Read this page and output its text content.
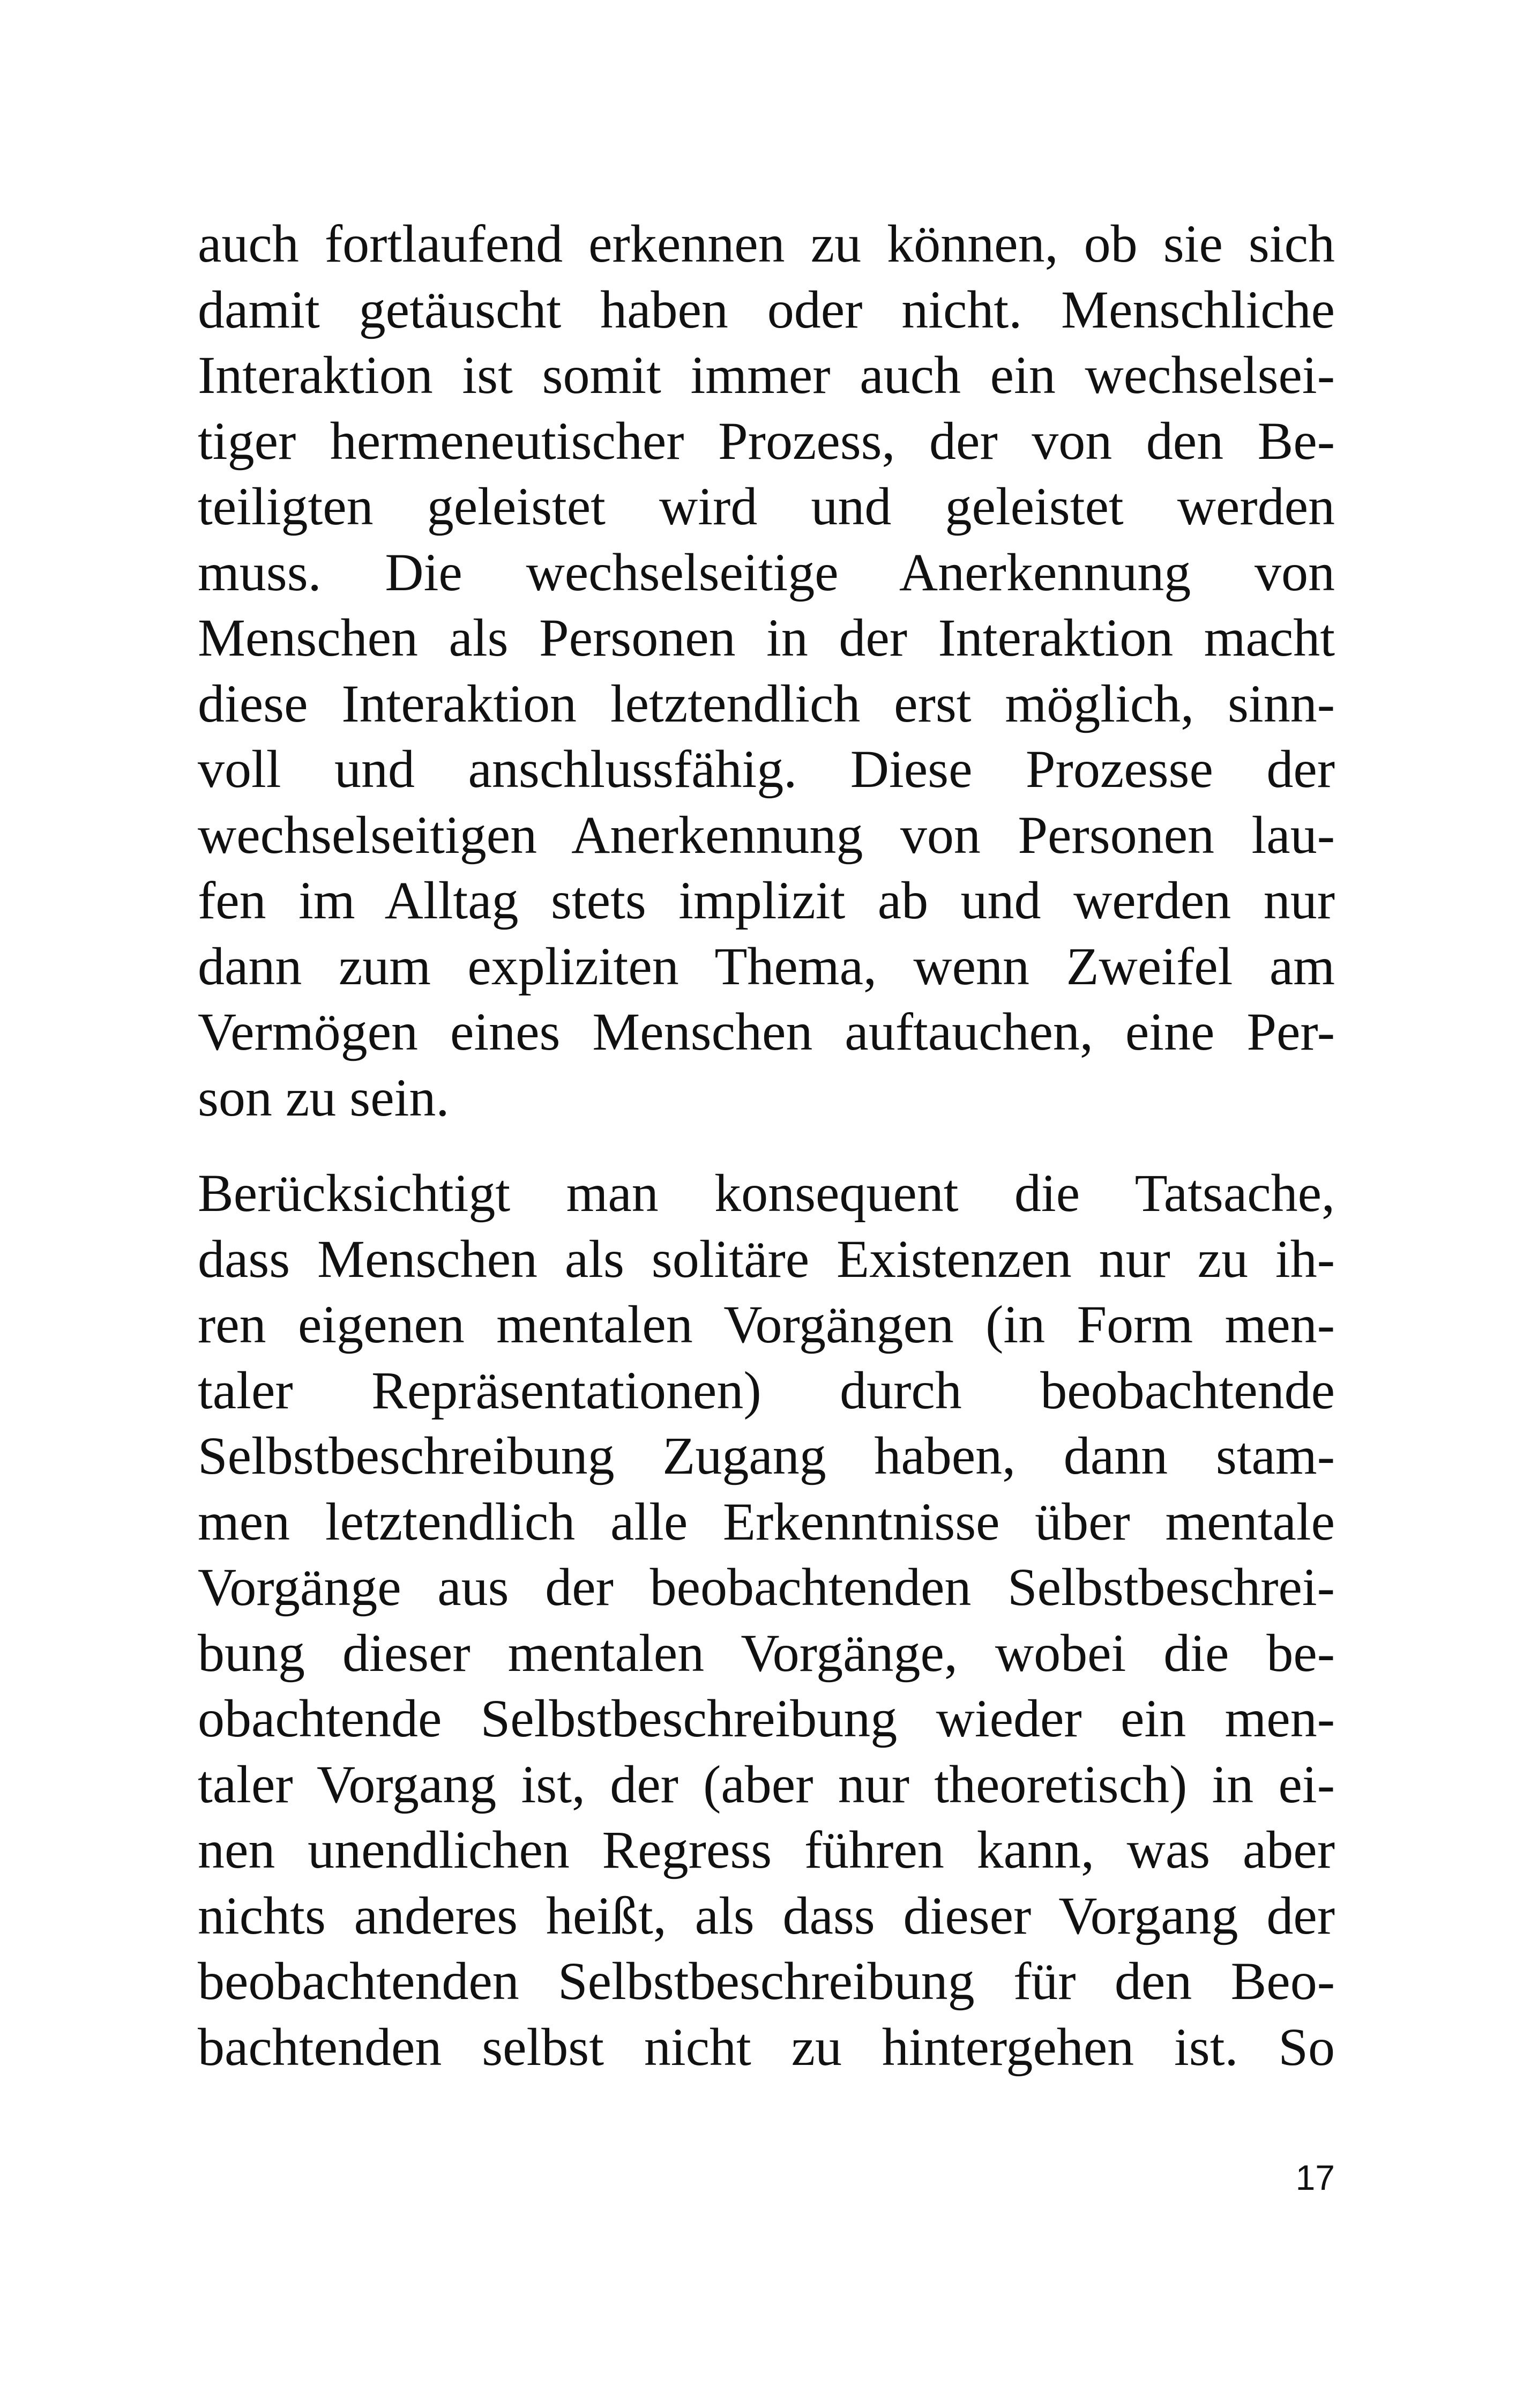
auch fortlaufend erkennen zu können, ob sie sich
damit getäuscht haben oder nicht. Menschliche
Interaktion ist somit immer auch ein wechselsei-
tiger hermeneutischer Prozess, der von den Be-
teiligten geleistet wird und geleistet werden
muss. Die wechselseitige Anerkennung von
Menschen als Personen in der Interaktion macht
diese Interaktion letztendlich erst möglich, sinn-
voll und anschlussfähig. Diese Prozesse der
wechselseitigen Anerkennung von Personen lau-
fen im Alltag stets implizit ab und werden nur
dann zum expliziten Thema, wenn Zweifel am
Vermögen eines Menschen auftauchen, eine Per-
son zu sein.
Berücksichtigt man konsequent die Tatsache,
dass Menschen als solitäre Existenzen nur zu ih-
ren eigenen mentalen Vorgängen (in Form men-
taler Repräsentationen) durch beobachtende
Selbstbeschreibung Zugang haben, dann stam-
men letztendlich alle Erkenntnisse über mentale
Vorgänge aus der beobachtenden Selbstbeschrei-
bung dieser mentalen Vorgänge, wobei die be-
obachtende Selbstbeschreibung wieder ein men-
taler Vorgang ist, der (aber nur theoretisch) in ei-
nen unendlichen Regress führen kann, was aber
nichts anderes heißt, als dass dieser Vorgang der
beobachtenden Selbstbeschreibung für den Beo-
bachtenden selbst nicht zu hintergehen ist. So
17
